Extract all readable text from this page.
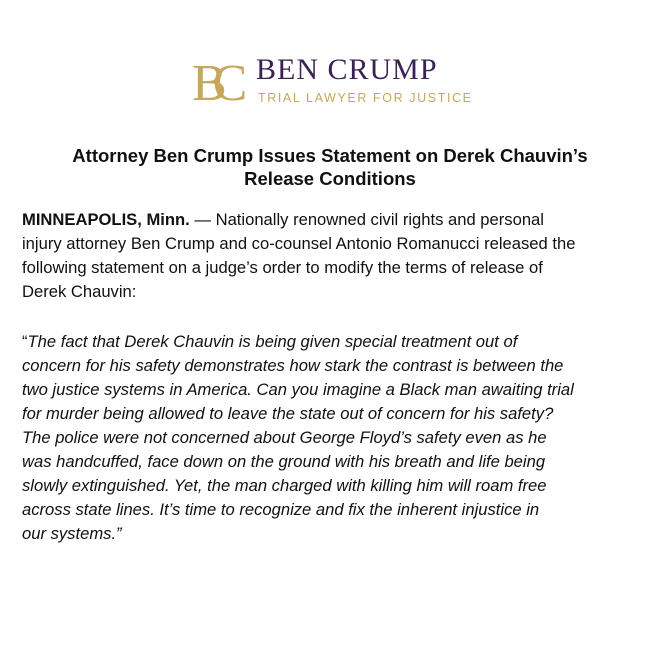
BC BEN CRUMP
TRIAL LAWYER FOR JUSTICE
Attorney Ben Crump Issues Statement on Derek Chauvin’s
Release Conditions

MINNEAPOLIS, Minn. — Nationally renowned civil rights and personal
injury attorney Ben Crump and co-counsel Antonio Romanucci released the
following statement on a judge’s order to modify the terms of release of
Derek Chauvin:

“The fact that Derek Chauvin is being given special treatment out of
concern for his safety demonstrates how stark the contrast is between the
two justice systems in America. Can you imagine a Black man awaiting trial
for murder being allowed to leave the state out of concern for his safety?
The police were not concerned about George Floyd’s safety even as he
was handcuffed, face down on the ground with his breath and life being
slowly extinguished. Yet, the man charged with killing him will roam free
across state lines. It’s time to recognize and fix the inherent injustice in
our systems.”
